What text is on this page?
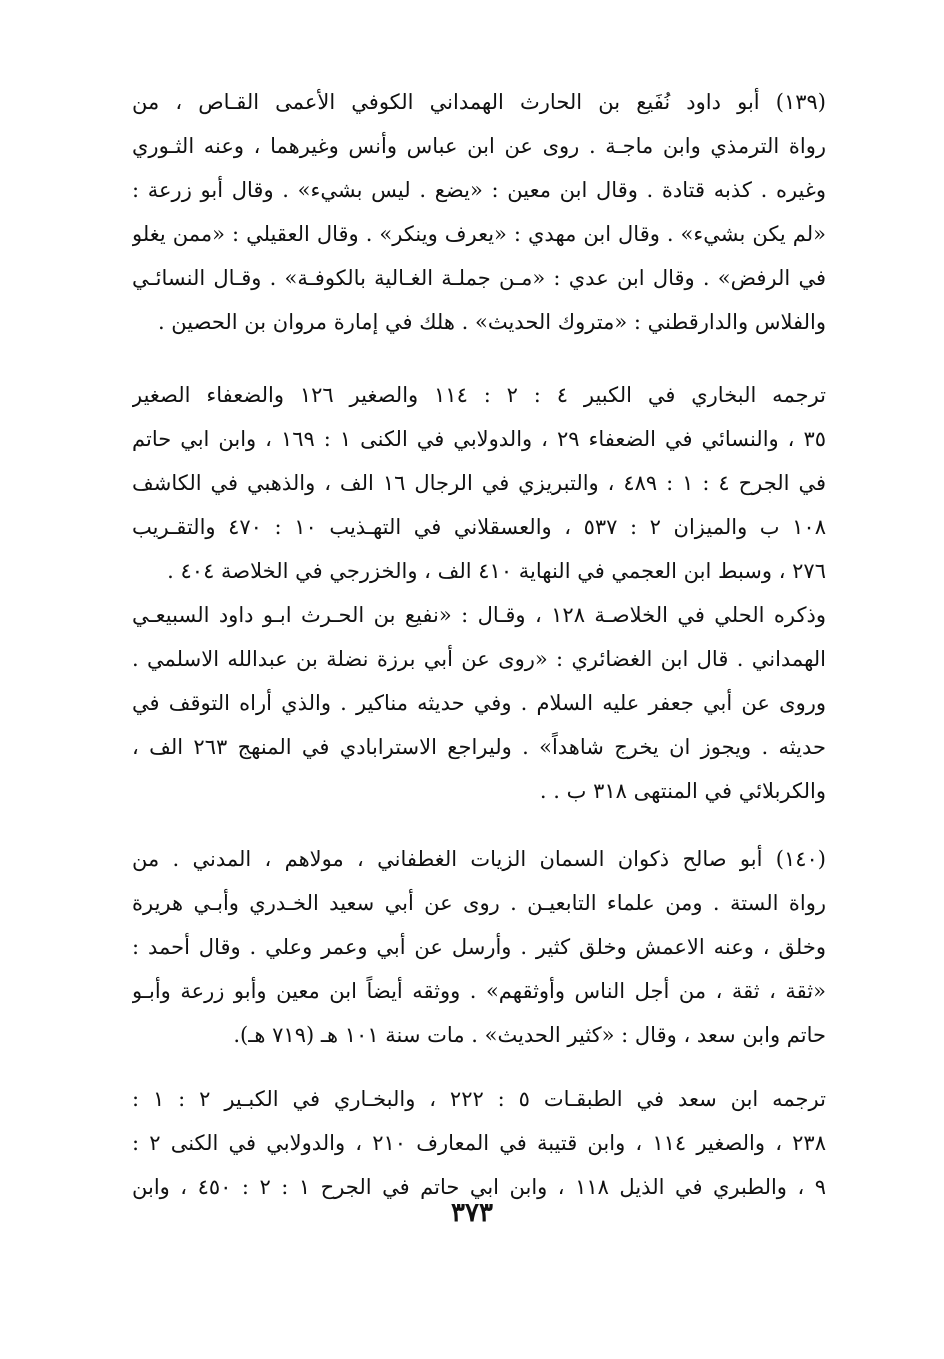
(١٣٩) أبو داود نُفَيع بن الحارث الهمداني الكوفي الأعمى القـاص ، من
رواة الترمذي وابن ماجـة . روى عن ابن عباس وأنس وغيرهما ، وعنه الثـوري
وغيره . كذبه قتادة . وقال ابن معين : «يضع . ليس بشيء» . وقال أبو زرعة :
«لم يكن بشيء» . وقال ابن مهدي : «يعرف وينكر» . وقال العقيلي : «ممن يغلو
في الرفض» . وقال ابن عدي : «مـن جملـة الغـالية بالكوفـة» . وقـال النسائـي
والفلاس والدارقطني : «متروك الحديث» . هلك في إمارة مروان بن الحصين .
ترجمه البخاري في الكبير ٤ : ٢ : ١١٤ والصغير ١٢٦ والضعفاء الصغير
٣٥ ، والنسائي في الضعفاء ٢٩ ، والدولابي في الكنى ١ : ١٦٩ ، وابن ابي حاتم
في الجرح ٤ : ١ : ٤٨٩ ، والتبريزي في الرجال ١٦ الف ، والذهبي في الكاشف
١٠٨ ب والميزان ٢ : ٥٣٧ ، والعسقلاني في التهـذيب ١٠ : ٤٧٠ والتقـريب
٢٧٦ ، وسبط ابن العجمي في النهاية ٤١٠ الف ، والخزرجي في الخلاصة ٤٠٤ .
وذكره الحلي في الخلاصـة ١٢٨ ، وقـال : «نفيع بن الحـرث ابـو داود السبيعـي
الهمداني . قال ابن الغضائري : «روى عن أبي برزة نضلة بن عبدالله الاسلمي .
وروى عن أبي جعفر عليه السلام . وفي حديثه مناكير . والذي أراه التوقف في
حديثه . ويجوز ان يخرج شاهداً» . وليراجع الاسترابادي في المنهج ٢٦٣ الف ،
والكربلائي في المنتهى ٣١٨ ب . .
(١٤٠) أبو صالح ذكوان السمان الزيات الغطفاني ، مولاهم ، المدني . من
رواة الستة . ومن علماء التابعيـن . روى عن أبي سعيد الخـدري وأبـي هريرة
وخلق ، وعنه الاعمش وخلق كثير . وأرسل عن أبي وعمر وعلي . وقال أحمد :
«ثقة ، ثقة ، من أجل الناس وأوثقهم» . ووثقه أيضاً ابن معين وأبو زرعة وأبـو
حاتم وابن سعد ، وقال : «كثير الحديث» . مات سنة ١٠١ هـ (٧١٩ هـ).
ترجمه ابن سعد في الطبقـات ٥ : ٢٢٢ ، والبخـاري في الكبـير ٢ : ١ :
٢٣٨ ، والصغير ١١٤ ، وابن قتيبة في المعارف ٢١٠ ، والدولابي في الكنى ٢ :
٩ ، والطبري في الذيل ١١٨ ، وابن ابي حاتم في الجرح ١ : ٢ : ٤٥٠ ، وابن
٣٧٣
